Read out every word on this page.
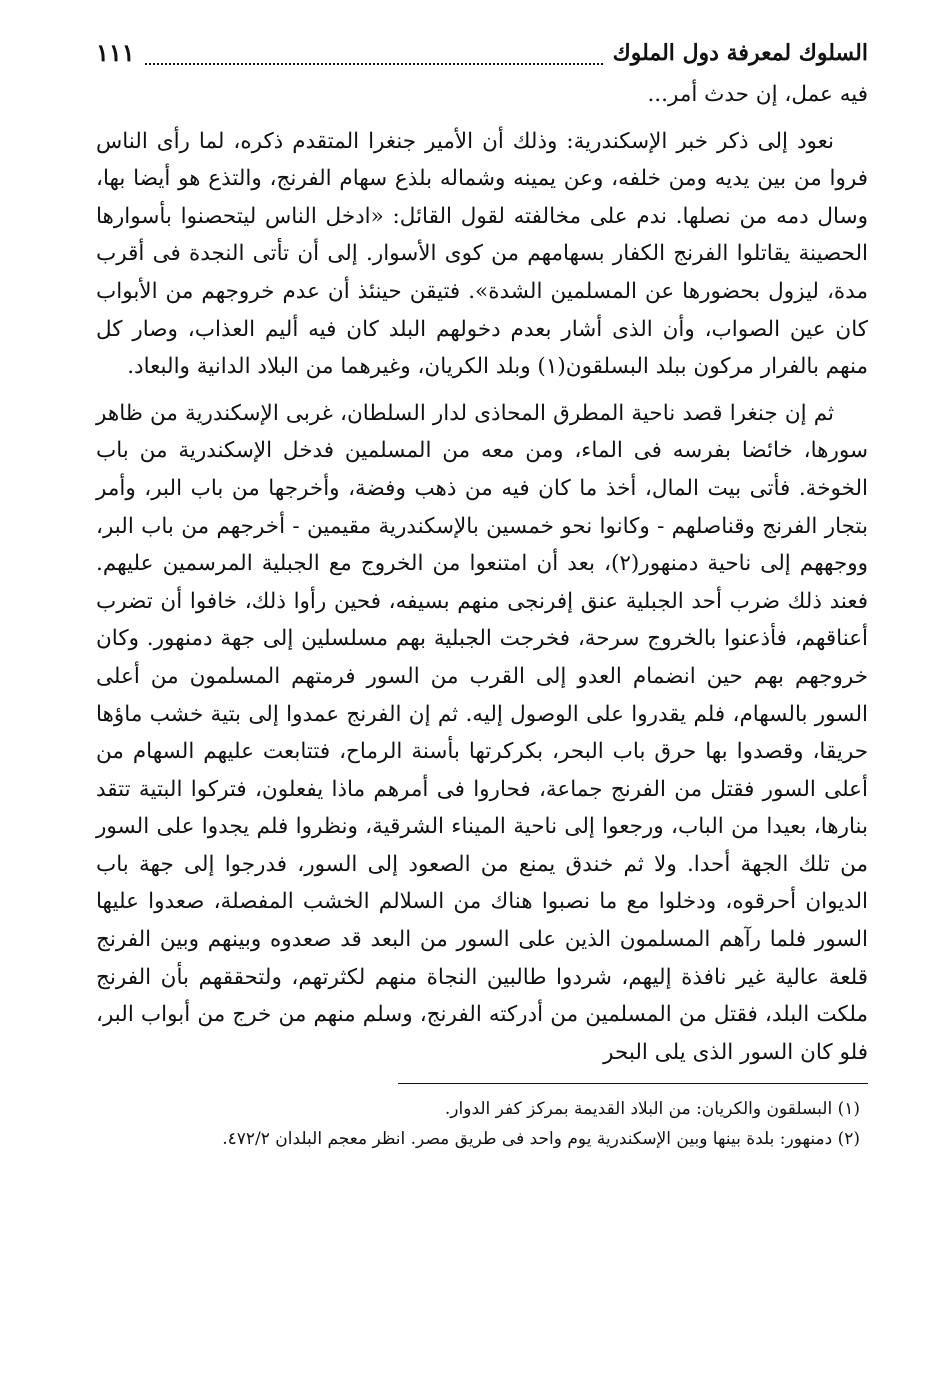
السلوك لمعرفة دول الملوك
١١١

فيه عمل، إن حدث أمر...

نعود إلى ذكر خبر الإسكندرية: وذلك أن الأمير جنغرا المتقدم ذكره، لما رأى الناس فروا من بين يديه ومن خلفه، وعن يمينه وشماله بلذع سهام الفرنج، والتذع هو أيضا بها، وسال دمه من نصلها. ندم على مخالفته لقول القائل: «ادخل الناس ليتحصنوا بأسوارها الحصينة يقاتلوا الفرنج الكفار بسهامهم من كوى الأسوار. إلى أن تأتى النجدة فى أقرب مدة، ليزول بحضورها عن المسلمين الشدة». فتيقن حينئذ أن عدم خروجهم من الأبواب كان عين الصواب، وأن الذى أشار بعدم دخولهم البلد كان فيه أليم العذاب، وصار كل منهم بالفرار مركون ببلد البسلقون(١) وبلد الكريان، وغيرهما من البلاد الدانية والبعاد.

ثم إن جنغرا قصد ناحية المطرق المحاذى لدار السلطان، غربى الإسكندرية من ظاهر سورها، خائضا بفرسه فى الماء، ومن معه من المسلمين فدخل الإسكندرية من باب الخوخة. فأتى بيت المال، أخذ ما كان فيه من ذهب وفضة، وأخرجها من باب البر، وأمر بتجار الفرنج وقناصلهم - وكانوا نحو خمسين بالإسكندرية مقيمين - أخرجهم من باب البر، ووجههم إلى ناحية دمنهور(٢)، بعد أن امتنعوا من الخروج مع الجبلية المرسمين عليهم. فعند ذلك ضرب أحد الجبلية عنق إفرنجى منهم بسيفه، فحين رأوا ذلك، خافوا أن تضرب أعناقهم، فأذعنوا بالخروج سرحة، فخرجت الجبلية بهم مسلسلين إلى جهة دمنهور. وكان خروجهم بهم حين انضمام العدو إلى القرب من السور فرمتهم المسلمون من أعلى السور بالسهام، فلم يقدروا على الوصول إليه. ثم إن الفرنج عمدوا إلى بتية خشب ماؤها حريقا، وقصدوا بها حرق باب البحر، بكركرتها بأسنة الرماح، فتتابعت عليهم السهام من أعلى السور فقتل من الفرنج جماعة، فحاروا فى أمرهم ماذا يفعلون، فتركوا البتية تتقد بنارها، بعيدا من الباب، ورجعوا إلى ناحية الميناء الشرقية، ونظروا فلم يجدوا على السور من تلك الجهة أحدا. ولا ثم خندق يمنع من الصعود إلى السور، فدرجوا إلى جهة باب الديوان أحرقوه، ودخلوا مع ما نصبوا هناك من السلالم الخشب المفصلة، صعدوا عليها السور فلما رآهم المسلمون الذين على السور من البعد قد صعدوه وبينهم وبين الفرنج قلعة عالية غير نافذة إليهم، شردوا طالبين النجاة منهم لكثرتهم، ولتحققهم بأن الفرنج ملكت البلد، فقتل من المسلمين من أدركته الفرنج، وسلم منهم من خرج من أبواب البر، فلو كان السور الذى يلى البحر

(١) البسلقون والكريان: من البلاد القديمة بمركز كفر الدوار.

(٢) دمنهور: بلدة بينها وبين الإسكندرية يوم واحد فى طريق مصر. انظر معجم البلدان ٤٧٢/٢.
